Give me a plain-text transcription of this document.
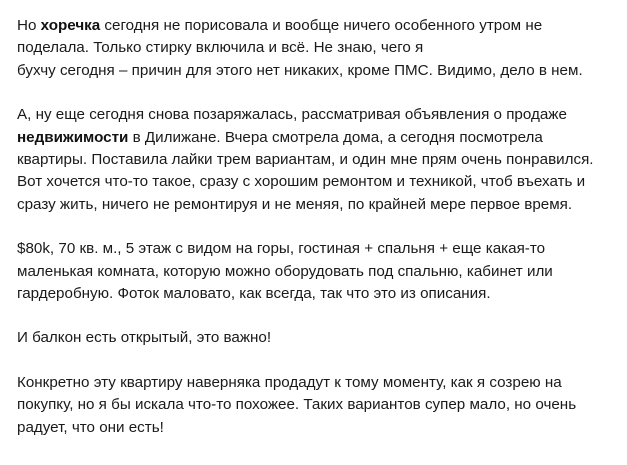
Но хоречка сегодня не порисовала и вообще ничего особенного утром не
поделала. Только стирку включила и всё. Не знаю, чего я
бухчу сегодня – причин для этого нет никаких, кроме ПМС. Видимо, дело в нем.

А, ну еще сегодня снова позаряжалась, рассматривая объявления о продаже
недвижимости в Дилижане. Вчера смотрела дома, а сегодня посмотрела
квартиры. Поставила лайки трем вариантам, и один мне прям очень понравился.
Вот хочется что-то такое, сразу с хорошим ремонтом и техникой, чтоб въехать и
сразу жить, ничего не ремонтируя и не меняя, по крайней мере первое время.

$80k, 70 кв. м., 5 этаж с видом на горы, гостиная + спальня + еще какая-то
маленькая комната, которую можно оборудовать под спальню, кабинет или
гардеробную. Фоток маловато, как всегда, так что это из описания.

И балкон есть открытый, это важно!

Конкретно эту квартиру наверняка продадут к тому моменту, как я созрею на
покупку, но я бы искала что-то похожее. Таких вариантов супер мало, но очень
радует, что они есть!
